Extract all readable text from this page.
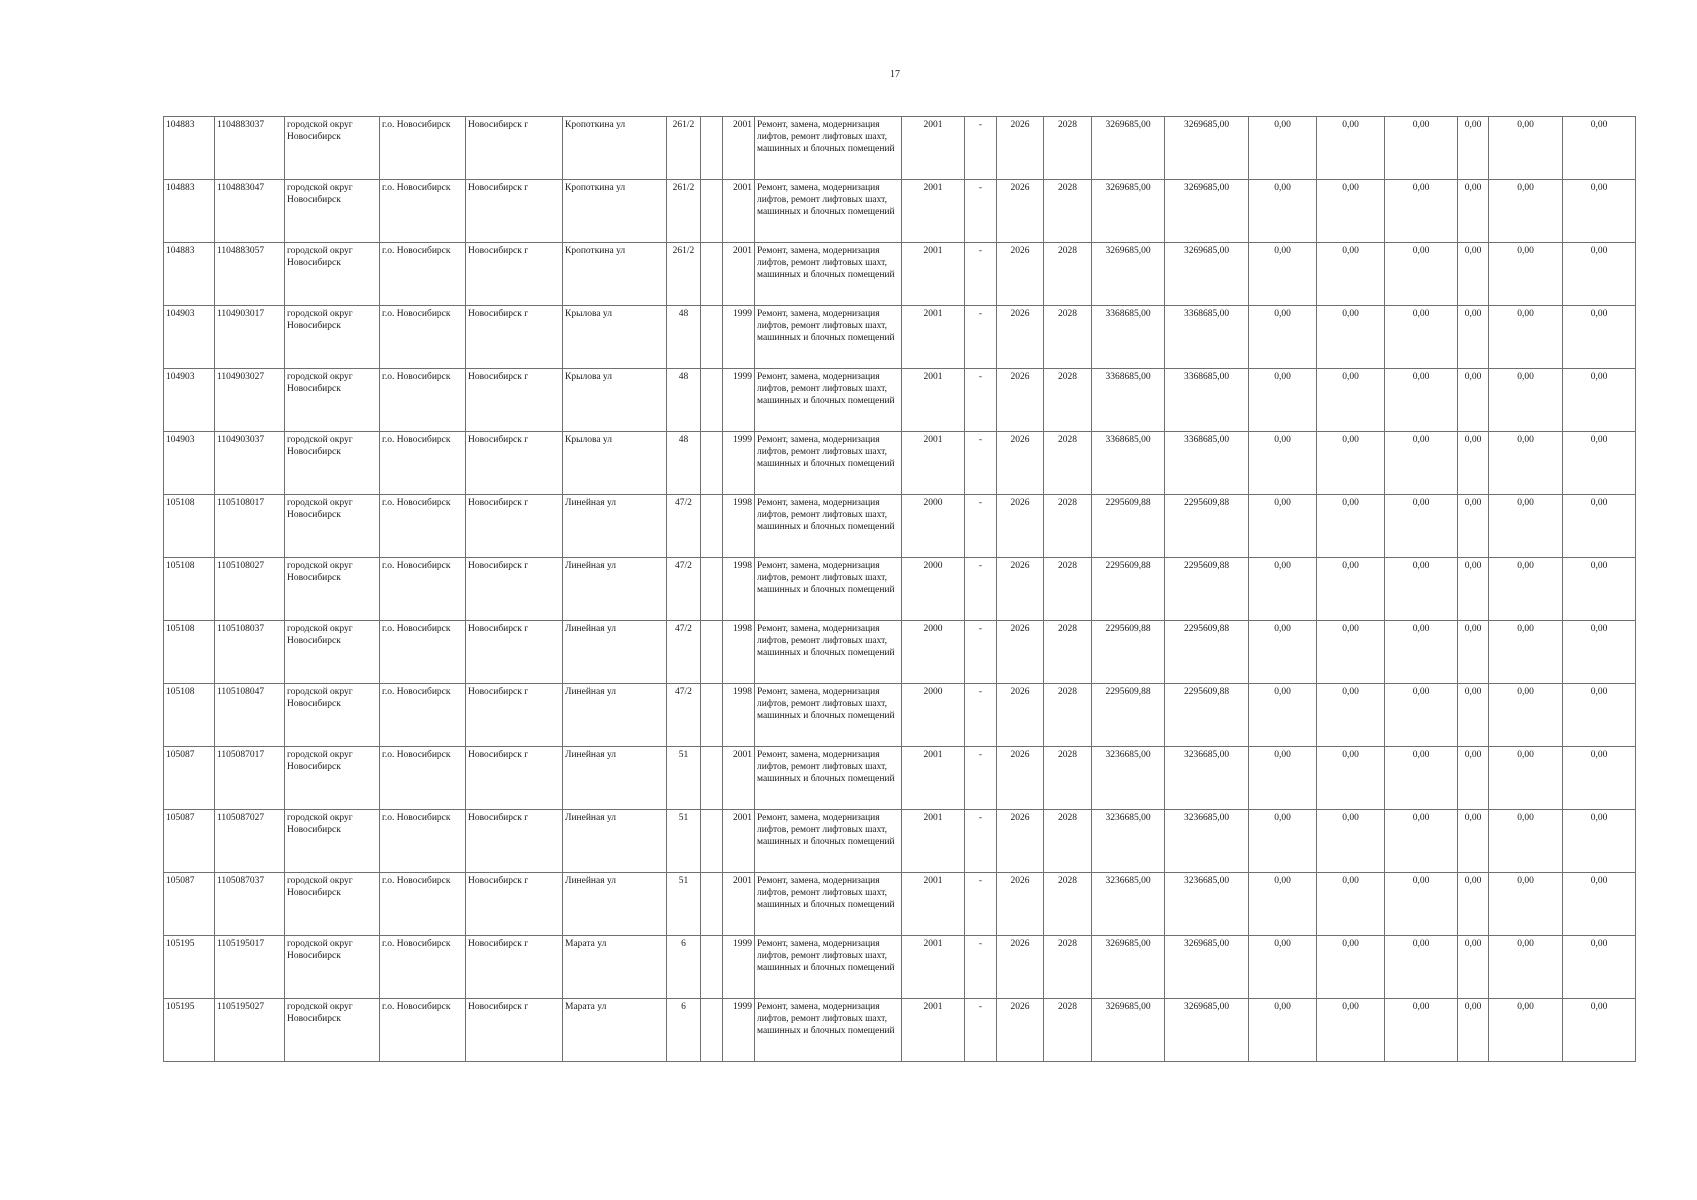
17
104883	1104883037	городской округ Новосибирск	г.о. Новосибирск	Новосибирск г	Кропоткина ул	261/2		2001	Ремонт, замена, модернизация лифтов, ремонт лифтовых шахт, машинных и блочных помещений	2001	-	2026	2028	3269685,00	3269685,00	0,00	0,00	0,00	0,00	0,00	0,00
104883	1104883047	городской округ Новосибирск	г.о. Новосибирск	Новосибирск г	Кропоткина ул	261/2		2001	Ремонт, замена, модернизация лифтов, ремонт лифтовых шахт, машинных и блочных помещений	2001	-	2026	2028	3269685,00	3269685,00	0,00	0,00	0,00	0,00	0,00	0,00
104883	1104883057	городской округ Новосибирск	г.о. Новосибирск	Новосибирск г	Кропоткина ул	261/2		2001	Ремонт, замена, модернизация лифтов, ремонт лифтовых шахт, машинных и блочных помещений	2001	-	2026	2028	3269685,00	3269685,00	0,00	0,00	0,00	0,00	0,00	0,00
104903	1104903017	городской округ Новосибирск	г.о. Новосибирск	Новосибирск г	Крылова ул	48		1999	Ремонт, замена, модернизация лифтов, ремонт лифтовых шахт, машинных и блочных помещений	2001	-	2026	2028	3368685,00	3368685,00	0,00	0,00	0,00	0,00	0,00	0,00
104903	1104903027	городской округ Новосибирск	г.о. Новосибирск	Новосибирск г	Крылова ул	48		1999	Ремонт, замена, модернизация лифтов, ремонт лифтовых шахт, машинных и блочных помещений	2001	-	2026	2028	3368685,00	3368685,00	0,00	0,00	0,00	0,00	0,00	0,00
104903	1104903037	городской округ Новосибирск	г.о. Новосибирск	Новосибирск г	Крылова ул	48		1999	Ремонт, замена, модернизация лифтов, ремонт лифтовых шахт, машинных и блочных помещений	2001	-	2026	2028	3368685,00	3368685,00	0,00	0,00	0,00	0,00	0,00	0,00
105108	1105108017	городской округ Новосибирск	г.о. Новосибирск	Новосибирск г	Линейная ул	47/2		1998	Ремонт, замена, модернизация лифтов, ремонт лифтовых шахт, машинных и блочных помещений	2000	-	2026	2028	2295609,88	2295609,88	0,00	0,00	0,00	0,00	0,00	0,00
105108	1105108027	городской округ Новосибирск	г.о. Новосибирск	Новосибирск г	Линейная ул	47/2		1998	Ремонт, замена, модернизация лифтов, ремонт лифтовых шахт, машинных и блочных помещений	2000	-	2026	2028	2295609,88	2295609,88	0,00	0,00	0,00	0,00	0,00	0,00
105108	1105108037	городской округ Новосибирск	г.о. Новосибирск	Новосибирск г	Линейная ул	47/2		1998	Ремонт, замена, модернизация лифтов, ремонт лифтовых шахт, машинных и блочных помещений	2000	-	2026	2028	2295609,88	2295609,88	0,00	0,00	0,00	0,00	0,00	0,00
105108	1105108047	городской округ Новосибирск	г.о. Новосибирск	Новосибирск г	Линейная ул	47/2		1998	Ремонт, замена, модернизация лифтов, ремонт лифтовых шахт, машинных и блочных помещений	2000	-	2026	2028	2295609,88	2295609,88	0,00	0,00	0,00	0,00	0,00	0,00
105087	1105087017	городской округ Новосибирск	г.о. Новосибирск	Новосибирск г	Линейная ул	51		2001	Ремонт, замена, модернизация лифтов, ремонт лифтовых шахт, машинных и блочных помещений	2001	-	2026	2028	3236685,00	3236685,00	0,00	0,00	0,00	0,00	0,00	0,00
105087	1105087027	городской округ Новосибирск	г.о. Новосибирск	Новосибирск г	Линейная ул	51		2001	Ремонт, замена, модернизация лифтов, ремонт лифтовых шахт, машинных и блочных помещений	2001	-	2026	2028	3236685,00	3236685,00	0,00	0,00	0,00	0,00	0,00	0,00
105087	1105087037	городской округ Новосибирск	г.о. Новосибирск	Новосибирск г	Линейная ул	51		2001	Ремонт, замена, модернизация лифтов, ремонт лифтовых шахт, машинных и блочных помещений	2001	-	2026	2028	3236685,00	3236685,00	0,00	0,00	0,00	0,00	0,00	0,00
105195	1105195017	городской округ Новосибирск	г.о. Новосибирск	Новосибирск г	Марата ул	6		1999	Ремонт, замена, модернизация лифтов, ремонт лифтовых шахт, машинных и блочных помещений	2001	-	2026	2028	3269685,00	3269685,00	0,00	0,00	0,00	0,00	0,00	0,00
105195	1105195027	городской округ Новосибирск	г.о. Новосибирск	Новосибирск г	Марата ул	6		1999	Ремонт, замена, модернизация лифтов, ремонт лифтовых шахт, машинных и блочных помещений	2001	-	2026	2028	3269685,00	3269685,00	0,00	0,00	0,00	0,00	0,00	0,00
